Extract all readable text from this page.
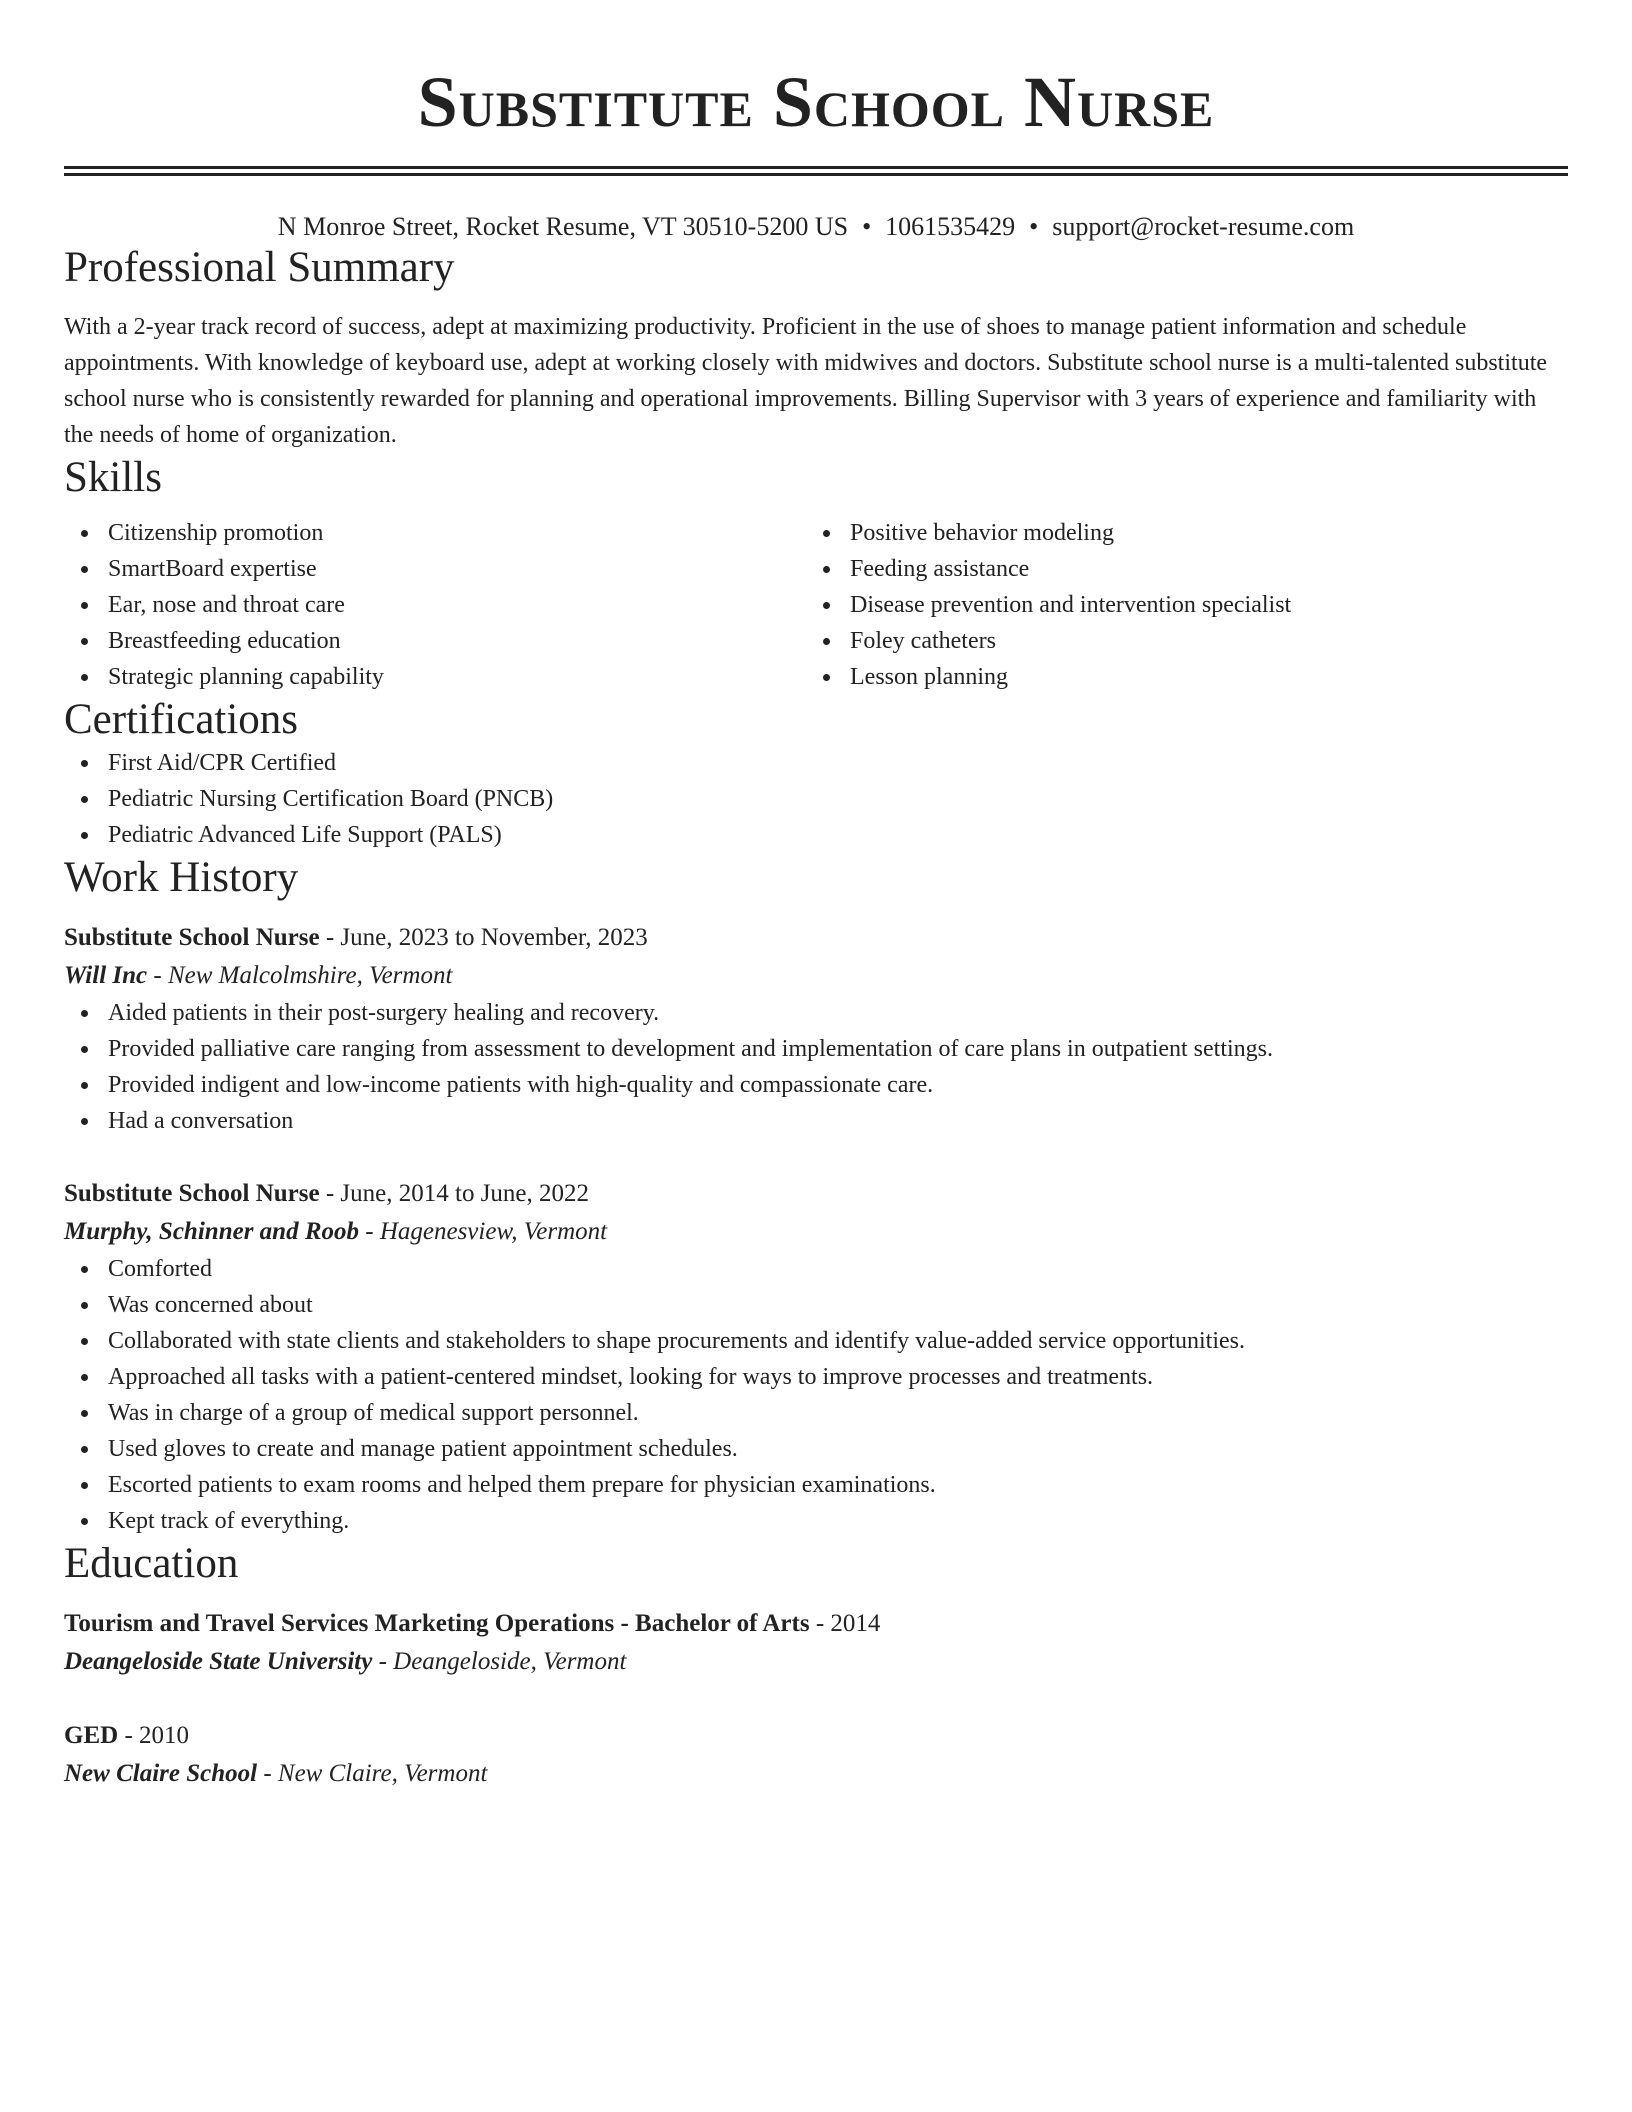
Substitute School Nurse
N Monroe Street, Rocket Resume, VT 30510-5200 US • 1061535429 • support@rocket-resume.com
Professional Summary
With a 2-year track record of success, adept at maximizing productivity. Proficient in the use of shoes to manage patient information and schedule appointments. With knowledge of keyboard use, adept at working closely with midwives and doctors. Substitute school nurse is a multi-talented substitute school nurse who is consistently rewarded for planning and operational improvements. Billing Supervisor with 3 years of experience and familiarity with the needs of home of organization.
Skills
Citizenship promotion
SmartBoard expertise
Ear, nose and throat care
Breastfeeding education
Strategic planning capability
Positive behavior modeling
Feeding assistance
Disease prevention and intervention specialist
Foley catheters
Lesson planning
Certifications
First Aid/CPR Certified
Pediatric Nursing Certification Board (PNCB)
Pediatric Advanced Life Support (PALS)
Work History
Substitute School Nurse - June, 2023 to November, 2023
Will Inc - New Malcolmshire, Vermont
Aided patients in their post-surgery healing and recovery.
Provided palliative care ranging from assessment to development and implementation of care plans in outpatient settings.
Provided indigent and low-income patients with high-quality and compassionate care.
Had a conversation
Substitute School Nurse - June, 2014 to June, 2022
Murphy, Schinner and Roob - Hagenesview, Vermont
Comforted
Was concerned about
Collaborated with state clients and stakeholders to shape procurements and identify value-added service opportunities.
Approached all tasks with a patient-centered mindset, looking for ways to improve processes and treatments.
Was in charge of a group of medical support personnel.
Used gloves to create and manage patient appointment schedules.
Escorted patients to exam rooms and helped them prepare for physician examinations.
Kept track of everything.
Education
Tourism and Travel Services Marketing Operations - Bachelor of Arts - 2014
Deangeloside State University - Deangeloside, Vermont
GED - 2010
New Claire School - New Claire, Vermont
